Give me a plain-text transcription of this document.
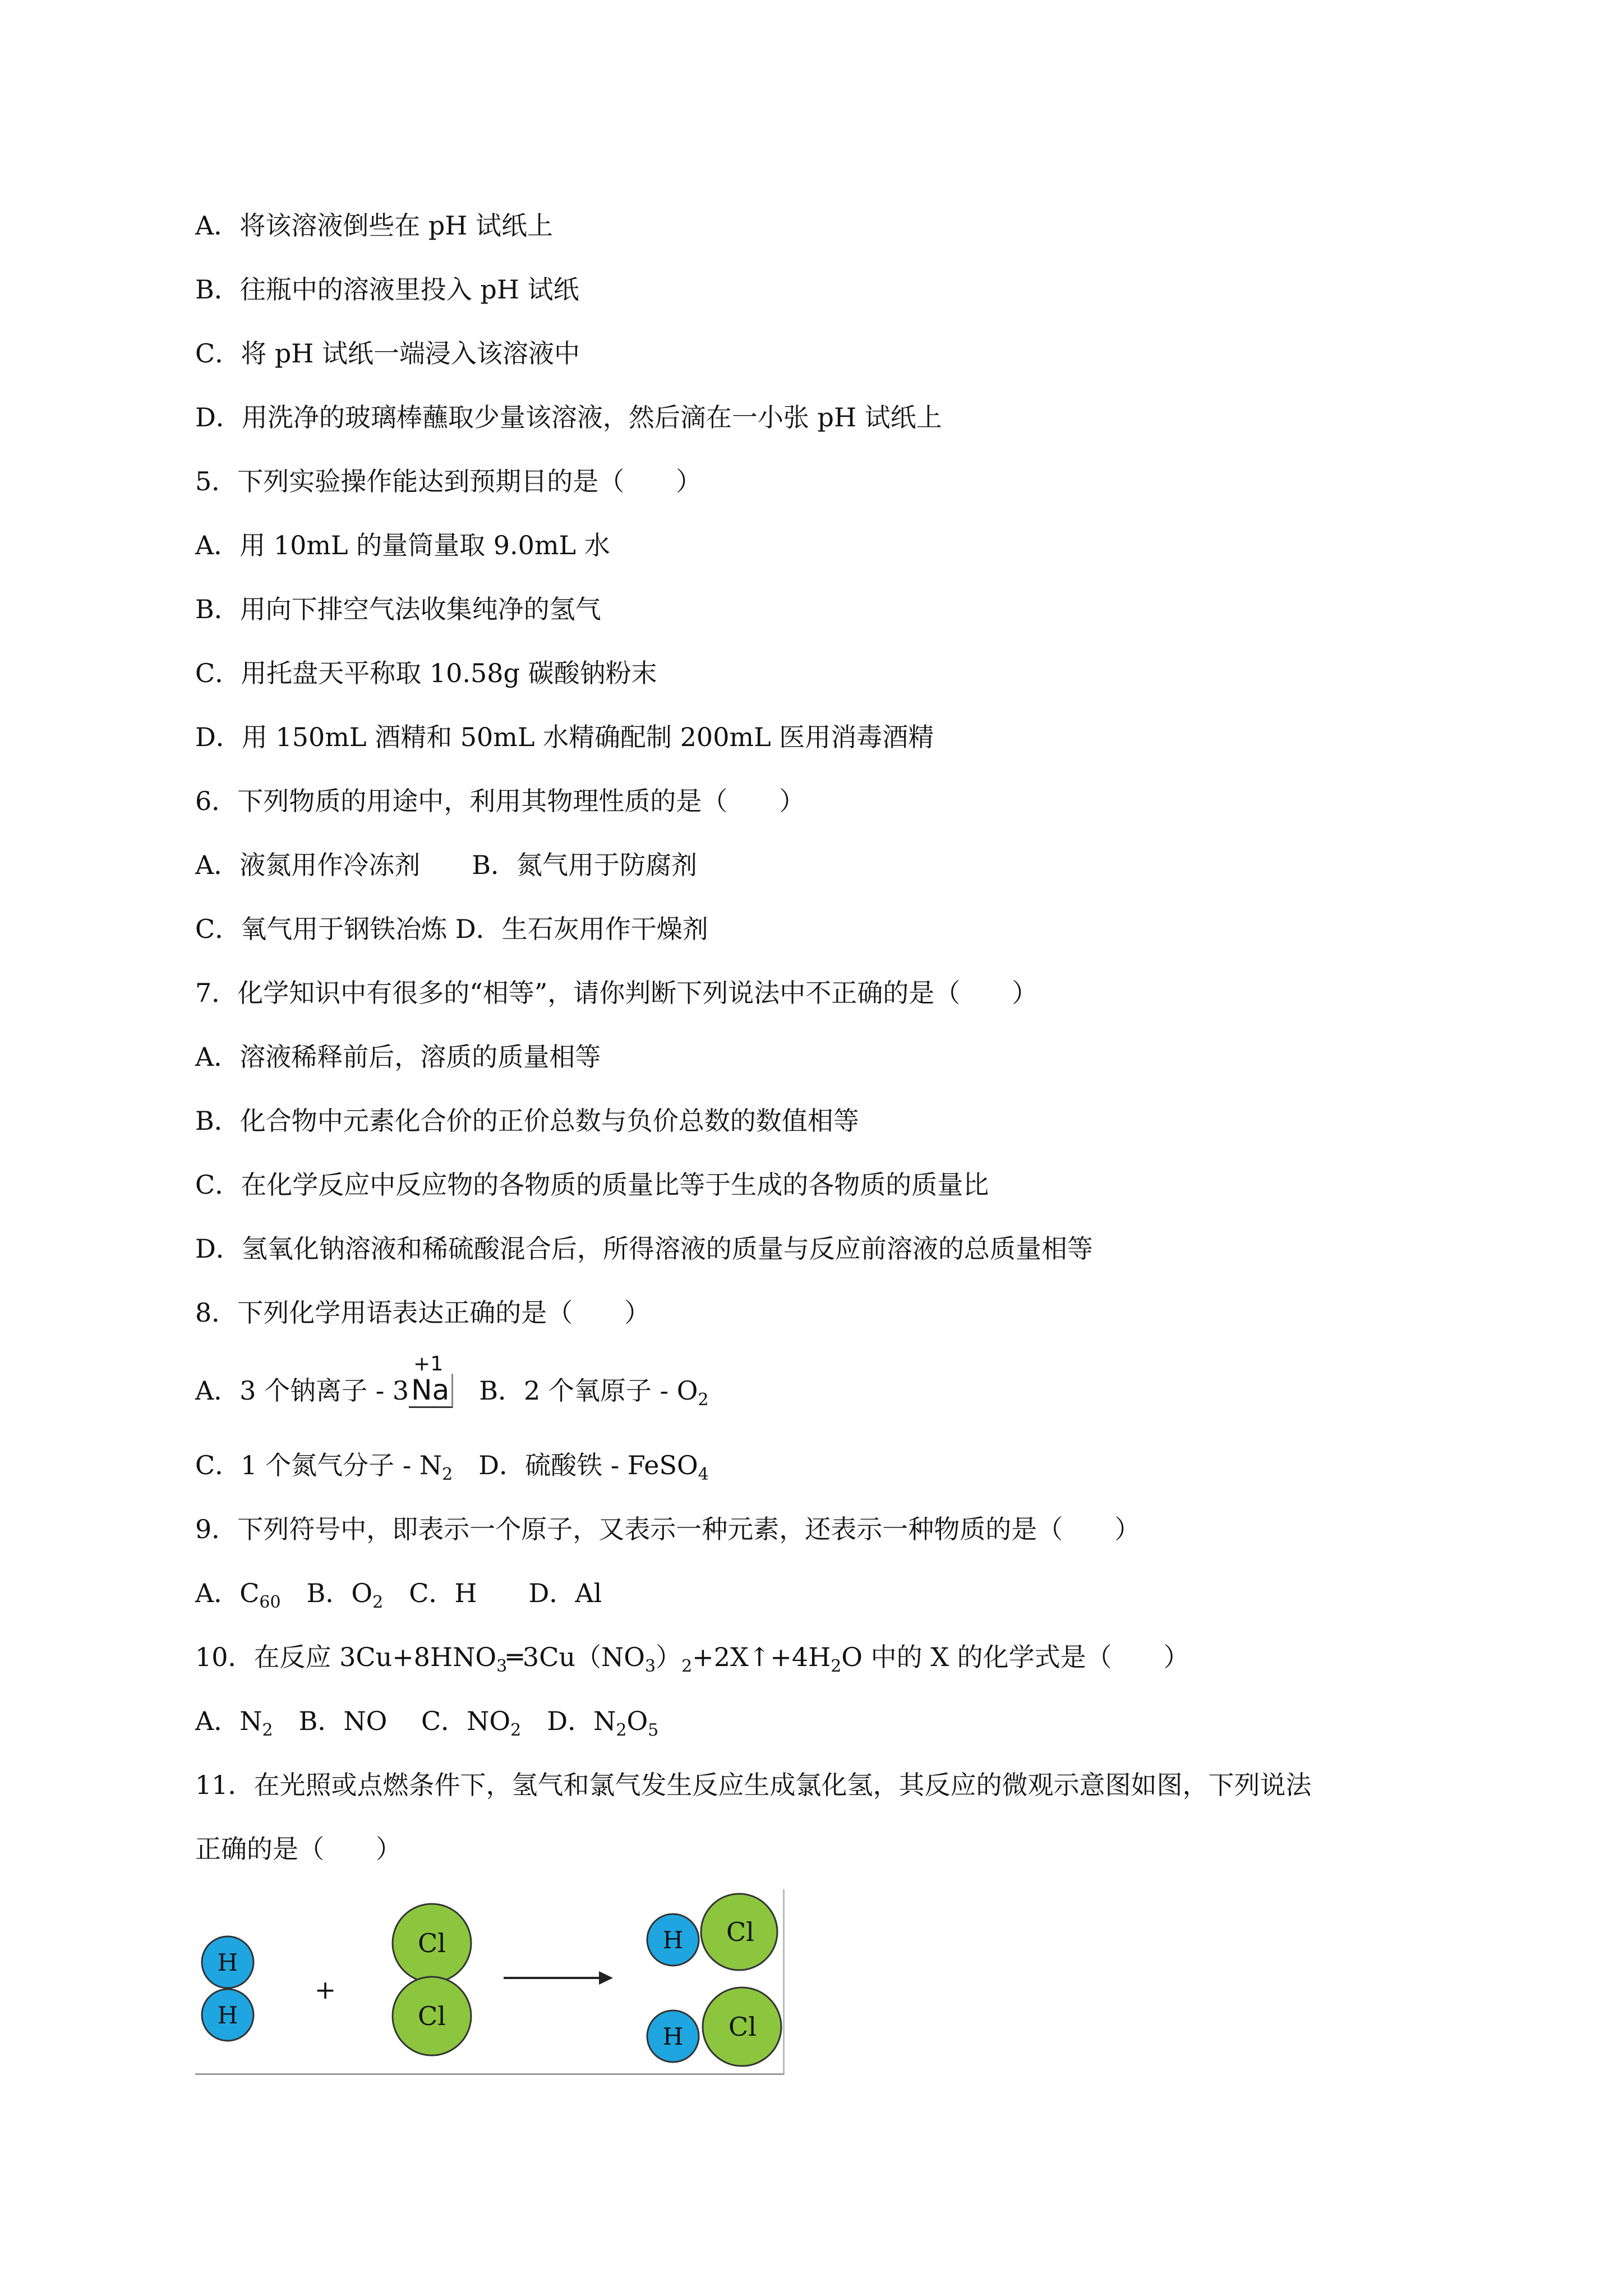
A．将该溶液倒些在 pH 试纸上
B．往瓶中的溶液里投入 pH 试纸
C．将 pH 试纸一端浸入该溶液中
D．用洗净的玻璃棒蘸取少量该溶液，然后滴在一小张 pH 试纸上
5．下列实验操作能达到预期目的是（　　）
A．用 10mL 的量筒量取 9.0mL 水
B．用向下排空气法收集纯净的氢气
C．用托盘天平称取 10.58g 碳酸钠粉末
D．用 150mL 酒精和 50mL 水精确配制 200mL 医用消毒酒精
6．下列物质的用途中，利用其物理性质的是（　　）
A．液氮用作冷冻剂　　B．氮气用于防腐剂
C．氧气用于钢铁冶炼 D．生石灰用作干燥剂
7．化学知识中有很多的“相等”，请你判断下列说法中不正确的是（　　）
A．溶液稀释前后，溶质的质量相等
B．化合物中元素化合价的正价总数与负价总数的数值相等
C．在化学反应中反应物的各物质的质量比等于生成的各物质的质量比
D．氢氧化钠溶液和稀硫酸混合后，所得溶液的质量与反应前溶液的总质量相等
8．下列化学用语表达正确的是（　　）
A．3 个钠离子 - 3
+1
Na　B．2 个氧原子 - $O_2$
C．1 个氮气分子 - $N_2$　D．硫酸铁 - FeSO$_4$
9．下列符号中，即表示一个原子，又表示一种元素，还表示一种物质的是（　　）
A．$C_{60}$　B．$O_2$　C．H　　D．Al
10．在反应 $3Cu+8HNO_3═3Cu(NO_3)_2+2X↑+4H_2O$ 中的 X 的化学式是（　　）
A．$N_2$　B．NO　 C．$NO_2$　D．$N_2O_5$
11．在光照或点燃条件下，氢气和氯气发生反应生成氯化氢，其反应的微观示意图如图，下列说法
正确的是（　　）
H
H
+
Cl
Cl
Cl
H
Cl
H
